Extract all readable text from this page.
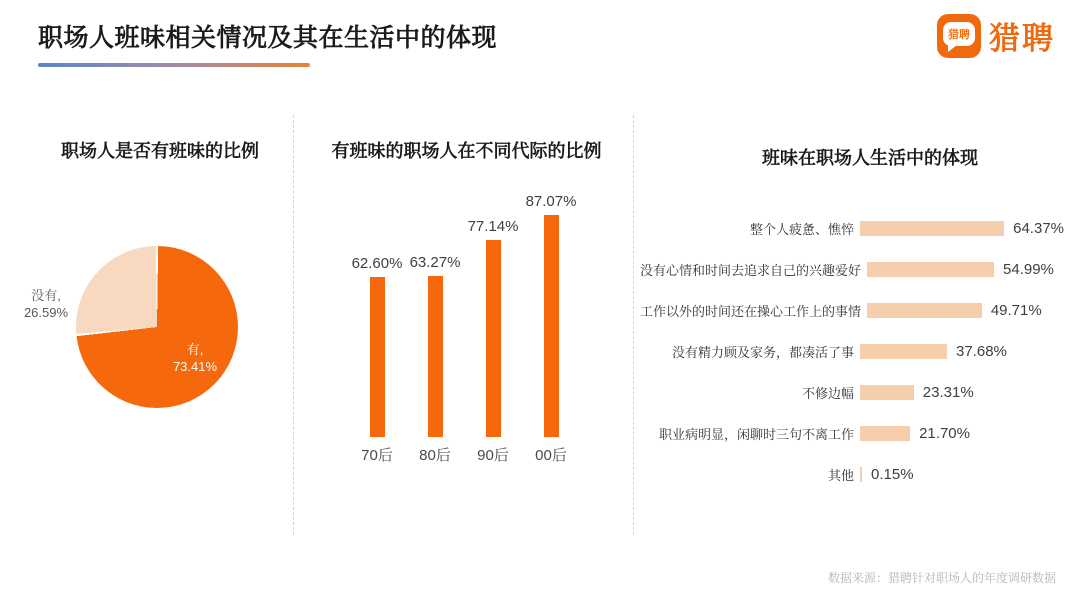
职场人班味相关情况及其在生活中的体现	猎聘 猎聘
职场人是否有班味的比例	有班味的职场人在不同代际的比例	班味在职场人生活中的体现
没有,
26.59%
有,
73.41%
62.60% 63.27%
77.14%
87.07%
70后	80后	90后	00后
整个人疲惫、憔悴	64.37%
没有心情和时间去追求自己的兴趣爱好	54.99%
工作以外的时间还在操心工作上的事情	49.71%
没有精力顾及家务，都凑活了事	37.68%
不修边幅	23.31%
职业病明显，闲聊时三句不离工作	21.70%
其他 0.15%
数据来源：猎聘针对职场人的年度调研数据
